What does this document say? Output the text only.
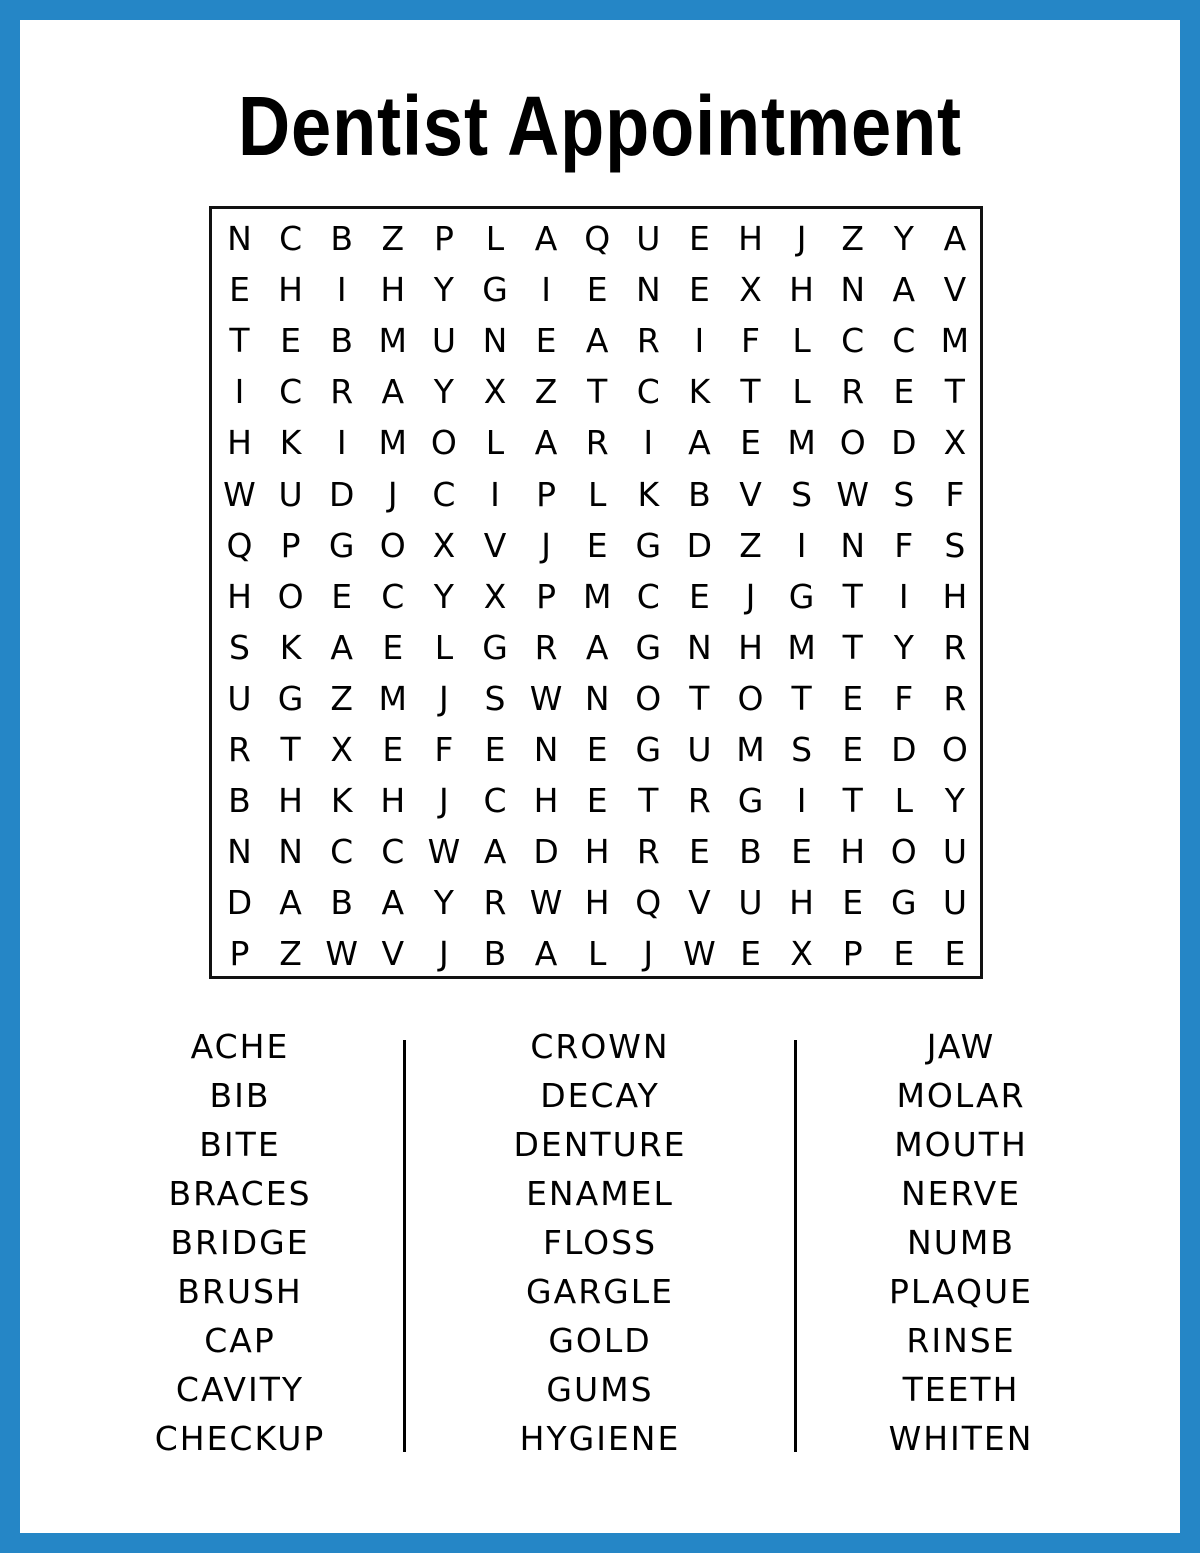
Dentist Appointment
N C B Z P L A Q U E H	J	Z Y A
E H	I	H Y G	I	E N E X H N A V
T E B M U N E A R	I	F L C C M
I	C R A Y X Z T C K T L R E T
H K	I M O L A R	I	A E M O D X
W U D	J	C	I	P L K B V S W S F
Q P G O X V	J	E G D Z	I	N F S
H O E C Y X P M C E	J	G T	I	H
S K A E L G R A G N H M T Y R
U G Z M J	S W N O T O T E F R
R T X E F E N E G U M S E D O
B H K H	J	C H E T R G	I	T L Y
N N C C W A D H R E B E H O U
D A B A Y R W H Q V U H E G U
P Z W V	J	B A L	J W E X P E E
ACHE
BIB
BITE
BRACES
BRIDGE
BRUSH
CAP
CAVITY
CHECKUP
CROWN
DECAY
DENTURE
ENAMEL
FLOSS
GARGLE
GOLD
GUMS
HYGIENE
JAW
MOLAR
MOUTH
NERVE
NUMB
PLAQUE
RINSE
TEETH
WHITEN
